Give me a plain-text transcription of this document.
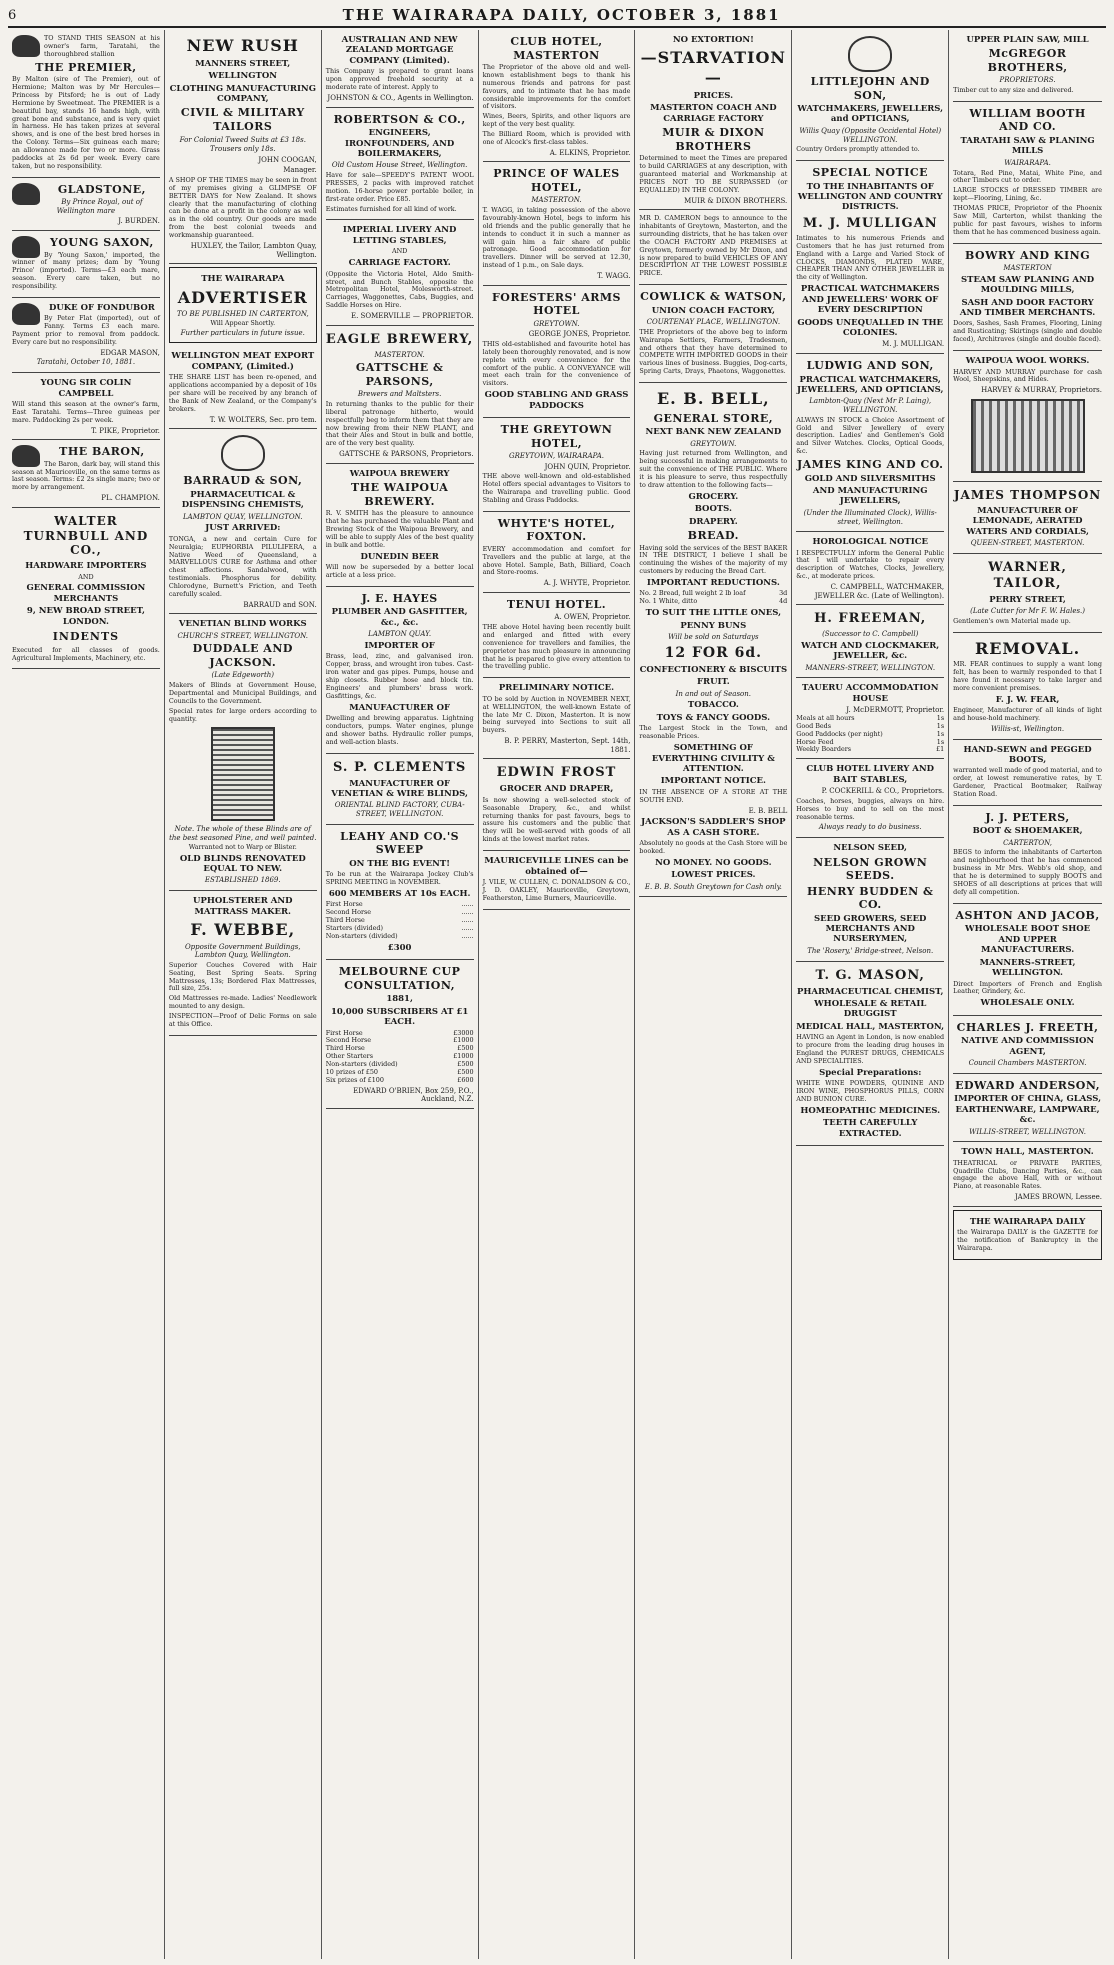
6	THE WAIRARAPA DAILY, OCTOBER 3, 1881
TO STAND THIS SEASON at his owner's farm, Taratahi, the thoroughbred stallion
THE PREMIER,
By Malton (sire of The Premier), out of Hermione; Malton was by Mr Hercules—Princess by Pitsford; he is out of Lady Hermione by Sweetmeat. The PREMIER is a beautiful bay, stands 16 hands high, with great bone and substance, and is very quiet in harness. He has taken prizes at several shows, and is one of the best bred horses in the Colony. Terms—Six guineas each mare; an allowance made for two or more. Grass paddocks at 2s 6d per week. Every care taken, but no responsibility.
GLADSTONE,
By Prince Royal, out of Wellington mare
J. BURDEN.
YOUNG SAXON,
By 'Young Saxon,' imported, the winner of many prizes; dam by 'Young Prince' (imported). Terms—£3 each mare, season. Every care taken, but no responsibility.
DUKE OF FONDUBOR
By Peter Flat (imported), out of Fanny. Terms £3 each mare. Payment prior to removal from paddock. Every care but no responsibility.
EDGAR MASON,
Taratahi, October 10, 1881.
YOUNG SIR COLIN CAMPBELL
Will stand this season at the owner's farm, East Taratahi. Terms—Three guineas per mare. Paddocking 2s per week.
T. PIKE, Proprietor.
THE BARON,
The Baron, dark bay, will stand this season at Mauriceville, on the same terms as last season. Terms: £2 2s single mare; two or more by arrangement.
PL. CHAMPION.
WALTER TURNBULL AND CO.,
HARDWARE IMPORTERS
AND
GENERAL COMMISSION MERCHANTS
9, NEW BROAD STREET, LONDON.
INDENTS
Executed for all classes of goods. Agricultural Implements, Machinery, etc.
NEW RUSH
MANNERS STREET,
WELLINGTON
CLOTHING MANUFACTURING COMPANY,
CIVIL & MILITARY TAILORS
For Colonial Tweed Suits at £3 18s.
Trousers only 18s.
JOHN COOGAN,
Manager.
A SHOP OF THE TIMES may be seen in front of my premises giving a GLIMPSE OF BETTER DAYS for New Zealand. It shows clearly that the manufacturing of clothing can be done at a profit in the colony as well as in the old country. Our goods are made from the best colonial tweeds and workmanship guaranteed.
HUXLEY, the Tailor, Lambton Quay, Wellington.
THE WAIRARAPA
ADVERTISER
TO BE PUBLISHED IN CARTERTON,
Will Appear Shortly.
Further particulars in future issue.
WELLINGTON MEAT EXPORT COMPANY, (Limited.)
THE SHARE LIST has been re-opened, and applications accompanied by a deposit of 10s per share will be received by any branch of the Bank of New Zealand, or the Company's brokers.
T. W. WOLTERS, Sec. pro tem.
BARRAUD & SON,
PHARMACEUTICAL & DISPENSING CHEMISTS,
LAMBTON QUAY, WELLINGTON.
JUST ARRIVED:
TONGA, a new and certain Cure for Neuralgia; EUPHORBIA PILULIFERA, a Native Weed of Queensland, a MARVELLOUS CURE for Asthma and other chest affections. Sandalwood, with testimonials. Phosphorus for debility. Chlorodyne, Burnett's Friction, and Teeth carefully scaled.
BARRAUD and SON.
VENETIAN BLIND WORKS
CHURCH'S STREET, WELLINGTON.
DUDDALE AND JACKSON.
(Late Edgeworth)
Makers of Blinds at Government House, Departmental and Municipal Buildings, and Councils to the Government.
Special rates for large orders according to quantity.
Note. The whole of these Blinds are of the best seasoned Pine, and well painted.
Warranted not to Warp or Blister.
OLD BLINDS RENOVATED EQUAL TO NEW.
ESTABLISHED 1869.
UPHOLSTERER AND MATTRASS MAKER.
F. WEBBE,
Opposite Government Buildings, Lambton Quay, Wellington.
Superior Couches Covered with Hair Seating, Best Spring Seats. Spring Mattresses, 13s; Bordered Flax Mattresses, full size, 25s.
Old Mattresses re-made. Ladies' Needlework mounted to any design.
INSPECTION—Proof of Delic Forms on sale at this Office.
AUSTRALIAN AND NEW ZEALAND MORTGAGE COMPANY (Limited).
This Company is prepared to grant loans upon approved freehold security at a moderate rate of interest. Apply to
JOHNSTON & CO., Agents in Wellington.
ROBERTSON & CO.,
ENGINEERS, IRONFOUNDERS, AND BOILERMAKERS,
Old Custom House Street, Wellington.
Have for sale—SPEEDY'S PATENT WOOL PRESSES, 2 packs with improved ratchet motion. 16-horse power portable boiler, in first-rate order. Price £85.
Estimates furnished for all kind of work.
IMPERIAL LIVERY AND LETTING STABLES,
AND
CARRIAGE FACTORY.
(Opposite the Victoria Hotel, Aldo Smith-street, and Bunch Stables, opposite the Metropolitan Hotel, Molesworth-street. Carriages, Waggonettes, Cabs, Buggies, and Saddle Horses on Hire.
E. SOMERVILLE — PROPRIETOR.
EAGLE BREWERY,
MASTERTON.
GATTSCHE & PARSONS,
Brewers and Maltsters.
In returning thanks to the public for their liberal patronage hitherto, would respectfully beg to inform them that they are now brewing from their NEW PLANT, and that their Ales and Stout in bulk and bottle, are of the very best quality.
GATTSCHE & PARSONS, Proprietors.
WAIPOUA BREWERY
THE WAIPOUA BREWERY.
R. V. SMITH has the pleasure to announce that he has purchased the valuable Plant and Brewing Stock of the Waipoua Brewery, and will be able to supply Ales of the best quality in bulk and bottle.
DUNEDIN BEER
Will now be superseded by a better local article at a less price.
J. E. HAYES
PLUMBER AND GASFITTER, &c., &c.
LAMBTON QUAY.
IMPORTER OF
Brass, lead, zinc, and galvanised iron. Copper, brass, and wrought iron tubes. Cast-iron water and gas pipes. Pumps, house and ship closets. Rubber hose and block tin. Engineers' and plumbers' brass work. Gasfittings, &c.
MANUFACTURER OF
Dwelling and brewing apparatus. Lightning conductors, pumps. Water engines, plunge and shower baths. Hydraulic roller pumps, and well-action blasts.
S. P. CLEMENTS
MANUFACTURER OF VENETIAN & WIRE BLINDS,
ORIENTAL BLIND FACTORY, CUBA-STREET, WELLINGTON.
LEAHY AND CO.'S SWEEP
ON THE BIG EVENT!
To be run at the Wairarapa Jockey Club's SPRING MEETING in NOVEMBER.
600 MEMBERS AT 10s EACH.
First Horse	......
Second Horse	......
Third Horse	......
Starters (divided)	......
Non-starters (divided)	......
£300
MELBOURNE CUP CONSULTATION,
1881,
10,000 SUBSCRIBERS AT £1 EACH.
First Horse	£3000
Second Horse	£1000
Third Horse	£500
Other Starters	£1000
Non-starters (divided)	£500
10 prizes of £50	£500
Six prizes of £100	£600
EDWARD O'BRIEN, Box 259, P.O., Auckland, N.Z.
CLUB HOTEL, MASTERTON
The Proprietor of the above old and well-known establishment begs to thank his numerous friends and patrons for past favours, and to intimate that he has made considerable improvements for the comfort of visitors.
Wines, Beers, Spirits, and other liquors are kept of the very best quality.
The Billiard Room, which is provided with one of Alcock's first-class tables.
A. ELKINS, Proprietor.
PRINCE OF WALES HOTEL,
MASTERTON.
T. WAGG, in taking possession of the above favourably-known Hotel, begs to inform his old friends and the public generally that he intends to conduct it in such a manner as will gain him a fair share of public patronage. Good accommodation for travellers. Dinner will be served at 12.30, instead of 1 p.m., on Sale days.
T. WAGG.
FORESTERS' ARMS HOTEL
GREYTOWN.
GEORGE JONES, Proprietor.
THIS old-established and favourite hotel has lately been thoroughly renovated, and is now replete with every convenience for the comfort of the public. A CONVEYANCE will meet each train for the convenience of visitors.
GOOD STABLING AND GRASS PADDOCKS
THE GREYTOWN HOTEL,
GREYTOWN, WAIRARAPA.
JOHN QUIN, Proprietor.
THE above well-known and old-established Hotel offers special advantages to Visitors to the Wairarapa and travelling public. Good Stabling and Grass Paddocks.
WHYTE'S HOTEL, FOXTON.
EVERY accommodation and comfort for Travellers and the public at large, at the above Hotel. Sample, Bath, Billiard, Coach and Store-rooms.
A. J. WHYTE, Proprietor.
TENUI HOTEL.
A. OWEN, Proprietor.
THE above Hotel having been recently built and enlarged and fitted with every convenience for travellers and families, the proprietor has much pleasure in announcing that he is prepared to give every attention to the travelling public.
PRELIMINARY NOTICE.
TO be sold by Auction in NOVEMBER NEXT, at WELLINGTON, the well-known Estate of the late Mr C. Dixon, Masterton. It is now being surveyed into Sections to suit all buyers.
B. P. PERRY, Masterton, Sept. 14th, 1881.
EDWIN FROST
GROCER AND DRAPER,
Is now showing a well-selected stock of Seasonable Drapery, &c., and whilst returning thanks for past favours, begs to assure his customers and the public that they will be well-served with goods of all kinds at the lowest market rates.
MAURICEVILLE LINES can be obtained of—
J. VILE, W. CULLEN, C. DONALDSON & CO., J. D. OAKLEY, Mauriceville, Greytown, Featherston, Lime Burners, Mauriceville.
NO EXTORTION!
—STARVATION—
PRICES.
MASTERTON COACH AND CARRIAGE FACTORY
MUIR & DIXON BROTHERS
Determined to meet the Times are prepared to build CARRIAGES at any description, with guaranteed material and Workmanship at PRICES NOT TO BE SURPASSED (or EQUALLED) IN THE COLONY.
MUIR & DIXON BROTHERS.
MR D. CAMERON begs to announce to the inhabitants of Greytown, Masterton, and the surrounding districts, that he has taken over the COACH FACTORY AND PREMISES at Greytown, formerly owned by Mr Dixon, and is now prepared to build VEHICLES OF ANY DESCRIPTION AT THE LOWEST POSSIBLE PRICE.
COWLICK & WATSON,
UNION COACH FACTORY,
COURTENAY PLACE, WELLINGTON.
THE Proprietors of the above beg to inform Wairarapa Settlers, Farmers, Tradesmen, and others that they have determined to COMPETE WITH IMPORTED GOODS in their various lines of business. Buggies, Dog-carts, Spring Carts, Drays, Phaetons, Waggonettes.
E. B. BELL,
GENERAL STORE,
NEXT BANK NEW ZEALAND
GREYTOWN.
Having just returned from Wellington, and being successful in making arrangements to suit the convenience of THE PUBLIC. Where it is his pleasure to serve, thus respectfully to draw attention to the following facts—
GROCERY.
BOOTS.
DRAPERY.
BREAD.
Having sold the services of the BEST BAKER IN THE DISTRICT, I believe I shall be continuing the wishes of the majority of my customers by reducing the Bread Cart.
IMPORTANT REDUCTIONS.
No. 2 Bread, full weight 2 lb loaf	3d
No. 1 White, ditto	4d
TO SUIT THE LITTLE ONES,
PENNY BUNS
Will be sold on Saturdays
12 FOR 6d.
CONFECTIONERY & BISCUITS
FRUIT.
In and out of Season.
TOBACCO.
TOYS & FANCY GOODS.
The Largest Stock in the Town, and reasonable Prices.
SOMETHING OF EVERYTHING CIVILITY & ATTENTION.
IMPORTANT NOTICE.
IN THE ABSENCE OF A STORE AT THE SOUTH END.
E. B. BELL
JACKSON'S SADDLER'S SHOP AS A CASH STORE.
Absolutely no goods at the Cash Store will be booked.
NO MONEY. NO GOODS.
LOWEST PRICES.
E. B. B. South Greytown for Cash only.
LITTLEJOHN AND SON,
WATCHMAKERS, JEWELLERS, and OPTICIANS,
Willis Quay (Opposite Occidental Hotel) WELLINGTON.
Country Orders promptly attended to.
SPECIAL NOTICE
TO THE INHABITANTS OF WELLINGTON AND COUNTRY DISTRICTS.
M. J. MULLIGAN
Intimates to his numerous Friends and Customers that he has just returned from England with a Large and Varied Stock of CLOCKS, DIAMONDS, PLATED WARE, CHEAPER THAN ANY OTHER JEWELLER in the city of Wellington.
PRACTICAL WATCHMAKERS AND JEWELLERS' WORK OF EVERY DESCRIPTION
GOODS UNEQUALLED IN THE COLONIES.
M. J. MULLIGAN.
LUDWIG AND SON,
PRACTICAL WATCHMAKERS, JEWELLERS, AND OPTICIANS,
Lambton-Quay (Next Mr P. Laing), WELLINGTON.
ALWAYS IN STOCK a Choice Assortment of Gold and Silver Jewellery of every description. Ladies' and Gentlemen's Gold and Silver Watches. Clocks, Optical Goods, &c.
JAMES KING AND CO.
GOLD AND SILVERSMITHS
AND MANUFACTURING JEWELLERS,
(Under the Illuminated Clock), Willis-street, Wellington.
HOROLOGICAL NOTICE
I RESPECTFULLY inform the General Public that I will undertake to repair every description of Watches, Clocks, Jewellery, &c., at moderate prices.
C. CAMPBELL, WATCHMAKER, JEWELLER &c. (Late of Wellington).
H. FREEMAN,
(Successor to C. Campbell)
WATCH AND CLOCKMAKER, JEWELLER, &c.
MANNERS-STREET, WELLINGTON.
TAUERU ACCOMMODATION HOUSE
J. McDERMOTT, Proprietor.
Meals at all hours	1s
Good Beds	1s
Good Paddocks (per night)	1s
Horse Feed	1s
Weekly Boarders	£1
CLUB HOTEL LIVERY AND BAIT STABLES,
P. COCKERILL & CO., Proprietors.
Coaches, horses, buggies, always on hire. Horses to buy and to sell on the most reasonable terms.
Always ready to do business.
NELSON SEED,
NELSON GROWN SEEDS.
HENRY BUDDEN & CO.
SEED GROWERS, SEED MERCHANTS AND NURSERYMEN,
The 'Rosery,' Bridge-street, Nelson.
T. G. MASON,
PHARMACEUTICAL CHEMIST,
WHOLESALE & RETAIL DRUGGIST
MEDICAL HALL, MASTERTON,
HAVING an Agent in London, is now enabled to procure from the leading drug houses in England the PUREST DRUGS, CHEMICALS AND SPECIALITIES.
Special Preparations:
WHITE WINE POWDERS, QUININE AND IRON WINE, PHOSPHORUS PILLS, CORN AND BUNION CURE.
HOMEOPATHIC MEDICINES.
TEETH CAREFULLY EXTRACTED.
UPPER PLAIN SAW, MILL
McGREGOR BROTHERS,
PROPRIETORS.
Timber cut to any size and delivered.
WILLIAM BOOTH AND CO.
TARATAHI SAW & PLANING MILLS
WAIRARAPA.
Totara, Red Pine, Matai, White Pine, and other Timbers cut to order.
LARGE STOCKS of DRESSED TIMBER are kept—Flooring, Lining, &c.
THOMAS PRICE, Proprietor of the Phoenix Saw Mill, Carterton, whilst thanking the public for past favours, wishes to inform them that he has commenced business again.
BOWRY AND KING
MASTERTON
STEAM SAW PLANING AND MOULDING MILLS,
SASH AND DOOR FACTORY AND TIMBER MERCHANTS.
Doors, Sashes, Sash Frames, Flooring, Lining and Rusticating; Skirtings (single and double faced), Architraves (single and double faced).
WAIPOUA WOOL WORKS.
HARVEY AND MURRAY purchase for cash Wool, Sheepskins, and Hides.
HARVEY & MURRAY, Proprietors.
JAMES THOMPSON
MANUFACTURER OF LEMONADE, AERATED WATERS AND CORDIALS,
QUEEN-STREET, MASTERTON.
WARNER, TAILOR,
PERRY STREET,
(Late Cutter for Mr F. W. Hales.)
Gentlemen's own Material made up.
REMOVAL.
MR. FEAR continues to supply a want long felt, has been to warmly responded to that I have found it necessary to take larger and more convenient premises.
F. J. W. FEAR,
Engineer, Manufacturer of all kinds of light and house-hold machinery.
Willis-st, Wellington.
HAND-SEWN and PEGGED BOOTS,
warranted well made of good material, and to order, at lowest remunerative rates, by T. Gardener, Practical Bootmaker, Railway Station Road.
J. J. PETERS,
BOOT & SHOEMAKER,
CARTERTON,
BEGS to inform the inhabitants of Carterton and neighbourhood that he has commenced business in Mr Mrs. Webb's old shop, and that he is determined to supply BOOTS and SHOES of all descriptions at prices that will defy all competition.
ASHTON AND JACOB,
WHOLESALE BOOT SHOE AND UPPER MANUFACTURERS.
MANNERS-STREET, WELLINGTON.
Direct Importers of French and English Leather, Grindery, &c.
WHOLESALE ONLY.
CHARLES J. FREETH,
NATIVE AND COMMISSION AGENT,
Council Chambers MASTERTON.
EDWARD ANDERSON,
IMPORTER OF CHINA, GLASS, EARTHENWARE, LAMPWARE, &c.
WILLIS-STREET, WELLINGTON.
TOWN HALL, MASTERTON.
THEATRICAL or PRIVATE PARTIES, Quadrille Clubs, Dancing Parties, &c., can engage the above Hall, with or without Piano, at reasonable Rates.
JAMES BROWN, Lessee.
THE WAIRARAPA DAILY
the Wairarapa DAILY is the GAZETTE for the notification of Bankruptcy in the Wairarapa.
